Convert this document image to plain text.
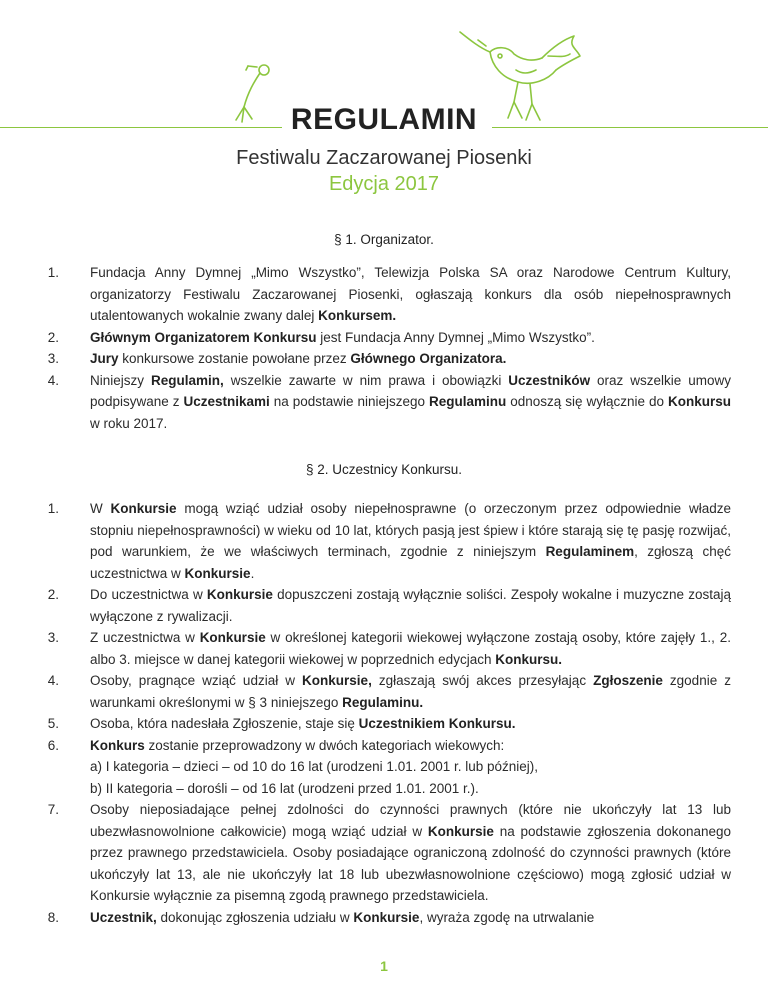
REGULAMIN
Festiwalu Zaczarowanej Piosenki
Edycja 2017
§ 1. Organizator.
1. Fundacja Anny Dymnej „Mimo Wszystko”, Telewizja Polska SA oraz Narodowe Centrum Kultury, organizatorzy Festiwalu Zaczarowanej Piosenki, ogłaszają konkurs dla osób niepełnosprawnych utalentowanych wokalnie zwany dalej Konkursem.
2. Głównym Organizatorem Konkursu jest Fundacja Anny Dymnej „Mimo Wszystko”.
3. Jury konkursowe zostanie powołane przez Głównego Organizatora.
4. Niniejszy Regulamin, wszelkie zawarte w nim prawa i obowiązki Uczestników oraz wszelkie umowy podpisywane z Uczestnikami na podstawie niniejszego Regulaminu odnoszą się wyłącznie do Konkursu w roku 2017.
§ 2. Uczestnicy Konkursu.
1. W Konkursie mogą wziąć udział osoby niepełnosprawne (o orzeczonym przez odpowiednie władze stopniu niepełnosprawności) w wieku od 10 lat, których pasją jest śpiew i które starają się tę pasję rozwijać, pod warunkiem, że we właściwych terminach, zgodnie z niniejszym Regulaminem, zgłoszą chęć uczestnictwa w Konkursie.
2. Do uczestnictwa w Konkursie dopuszczeni zostają wyłącznie soliści. Zespoły wokalne i muzyczne zostają wyłączone z rywalizacji.
3. Z uczestnictwa w Konkursie w określonej kategorii wiekowej wyłączone zostają osoby, które zajęły 1., 2. albo 3. miejsce w danej kategorii wiekowej w poprzednich edycjach Konkursu.
4. Osoby, pragnące wziąć udział w Konkursie, zgłaszają swój akces przesyłając Zgłoszenie zgodnie z warunkami określonymi w § 3 niniejszego Regulaminu.
5. Osoba, która nadesłała Zgłoszenie, staje się Uczestnikiem Konkursu.
6. Konkurs zostanie przeprowadzony w dwóch kategoriach wiekowych:
a) I kategoria – dzieci – od 10 do 16 lat (urodzeni 1.01. 2001 r. lub później),
b) II kategoria – dorośli – od 16 lat (urodzeni przed 1.01. 2001 r.).
7. Osoby nieposiadające pełnej zdolności do czynności prawnych (które nie ukończyły lat 13 lub ubezwłasnowolnione całkowicie) mogą wziąć udział w Konkursie na podstawie zgłoszenia dokonanego przez prawnego przedstawiciela. Osoby posiadające ograniczoną zdolność do czynności prawnych (które ukończyły lat 13, ale nie ukończyły lat 18 lub ubezwłasnowolnione częściowo) mogą zgłosić udział w Konkursie wyłącznie za pisemną zgodą prawnego przedstawiciela.
8. Uczestnik, dokonując zgłoszenia udziału w Konkursie, wyraża zgodę na utrwalanie
1
